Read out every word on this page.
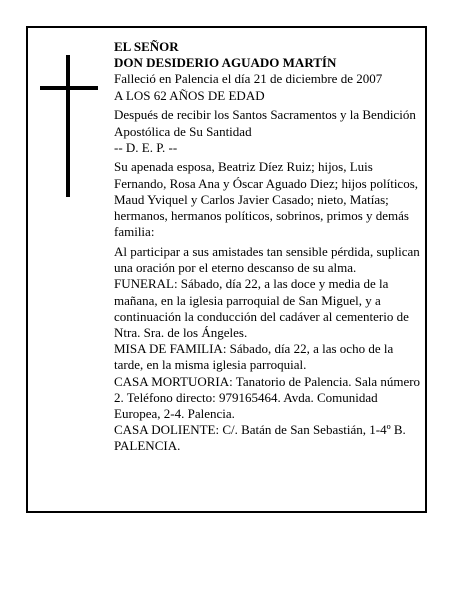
EL SEÑOR
DON DESIDERIO AGUADO MARTÍN
Falleció en Palencia el día 21 de diciembre de 2007
A LOS 62 AÑOS DE EDAD
Después de recibir los Santos Sacramentos y la Bendición Apostólica de Su Santidad
-- D. E. P. --
Su apenada esposa, Beatriz Díez Ruiz; hijos, Luis Fernando, Rosa Ana y Óscar Aguado Diez; hijos políticos, Maud Yviquel y Carlos Javier Casado; nieto, Matías; hermanos, hermanos políticos, sobrinos, primos y demás familia:
Al participar a sus amistades tan sensible pérdida, suplican una oración por el eterno descanso de su alma.
FUNERAL: Sábado, día 22, a las doce y media de la mañana, en la iglesia parroquial de San Miguel, y a continuación la conducción del cadáver al cementerio de Ntra. Sra. de los Ángeles.
MISA DE FAMILIA: Sábado, día 22, a las ocho de la tarde, en la misma iglesia parroquial.
CASA MORTUORIA: Tanatorio de Palencia. Sala número 2. Teléfono directo: 979165464. Avda. Comunidad Europea, 2-4. Palencia.
CASA DOLIENTE: C/. Batán de San Sebastián, 1-4º B. PALENCIA.
